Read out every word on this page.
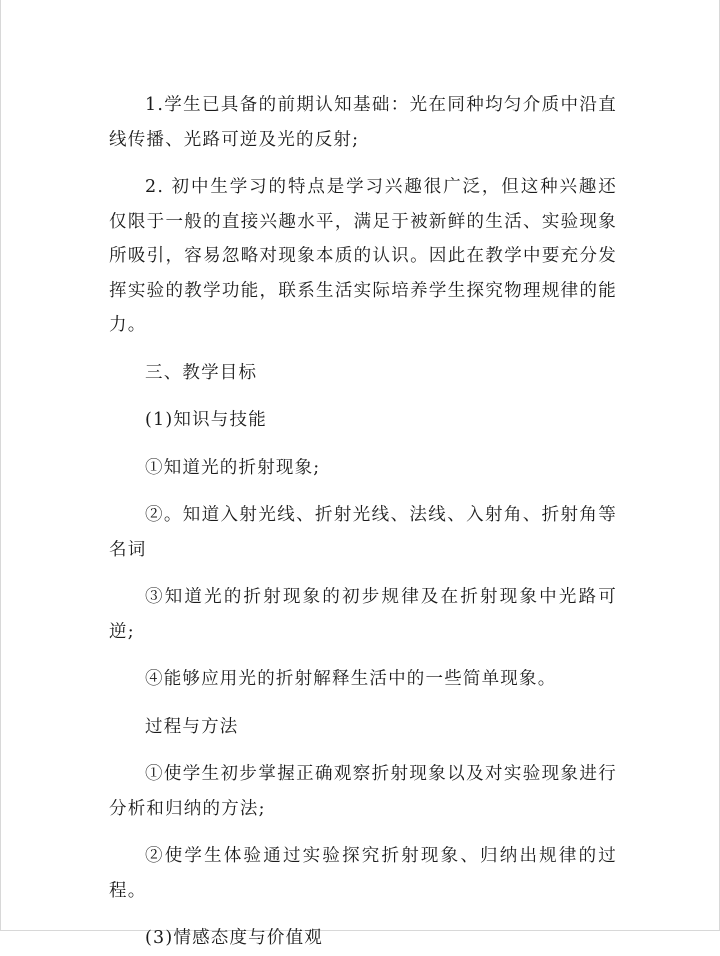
1.学生已具备的前期认知基础：光在同种均匀介质中沿直线传播、光路可逆及光的反射;

2. 初中生学习的特点是学习兴趣很广泛，但这种兴趣还仅限于一般的直接兴趣水平，满足于被新鲜的生活、实验现象所吸引，容易忽略对现象本质的认识。因此在教学中要充分发挥实验的教学功能，联系生活实际培养学生探究物理规律的能力。

三、教学目标

(1)知识与技能

①知道光的折射现象;

②。知道入射光线、折射光线、法线、入射角、折射角等名词

③知道光的折射现象的初步规律及在折射现象中光路可逆;

④能够应用光的折射解释生活中的一些简单现象。

过程与方法

①使学生初步掌握正确观察折射现象以及对实验现象进行分析和归纳的方法;

②使学生体验通过实验探究折射现象、归纳出规律的过程。

(3)情感态度与价值观
